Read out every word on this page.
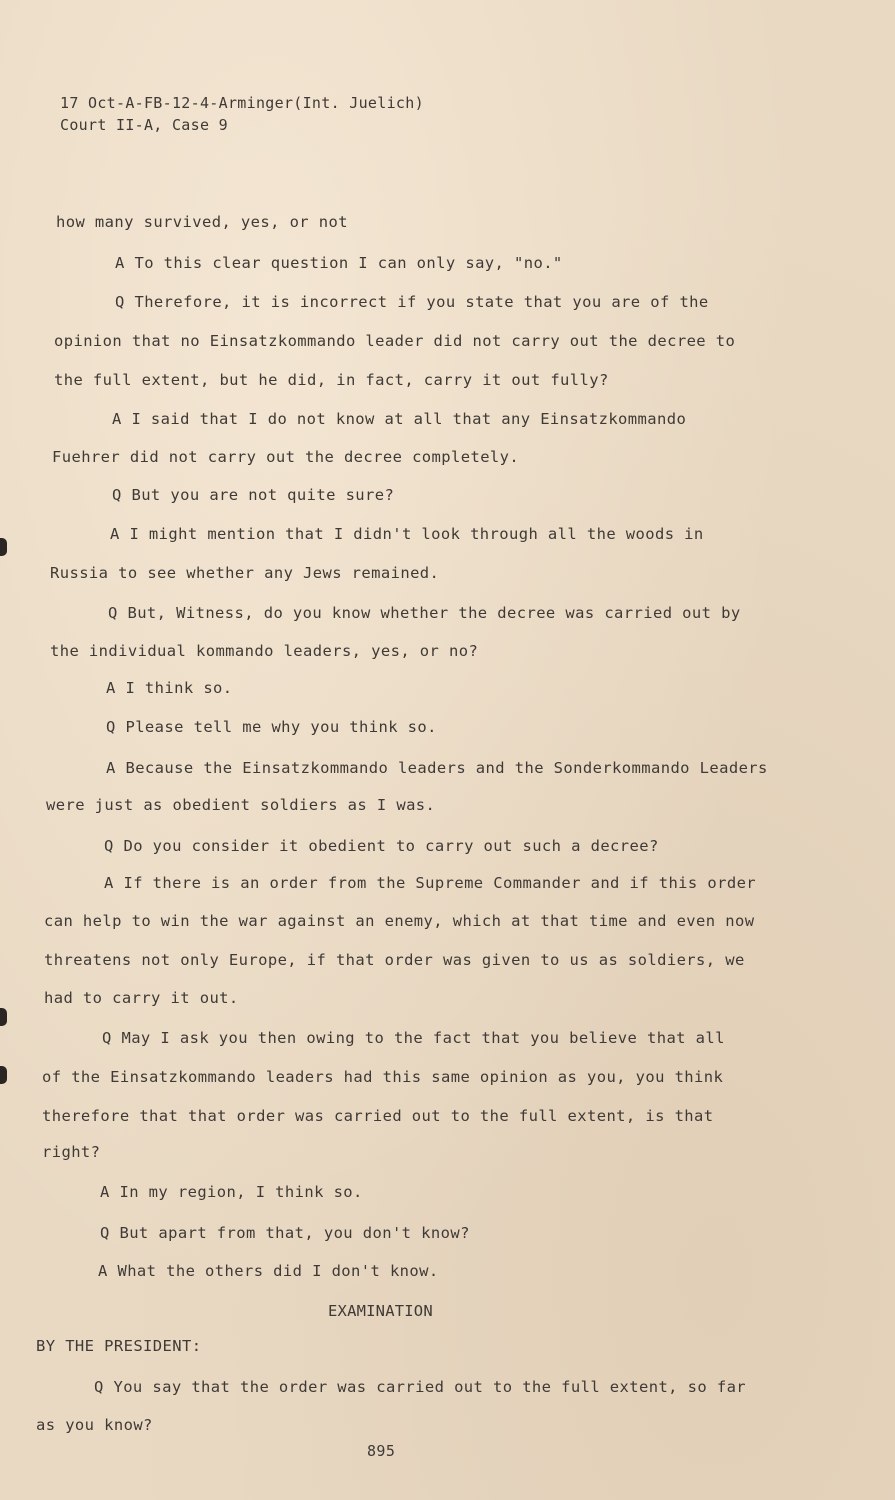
17 Oct-A-FB-12-4-Arminger(Int. Juelich)
Court II-A, Case 9
how many survived, yes, or not
A To this clear question I can only say, "no."
Q Therefore, it is incorrect if you state that you are of the
opinion that no Einsatzkommando leader did not carry out the decree to
the full extent, but he did, in fact, carry it out fully?
A I said that I do not know at all that any Einsatzkommando
Fuehrer did not carry out the decree completely.
Q But you are not quite sure?
A I might mention that I didn't look through all the woods in
Russia to see whether any Jews remained.
Q But, Witness, do you know whether the decree was carried out by
the individual kommando leaders, yes, or no?
A I think so.
Q Please tell me why you think so.
A Because the Einsatzkommando leaders and the Sonderkommando Leaders
were just as obedient soldiers as I was.
Q Do you consider it obedient to carry out such a decree?
A If there is an order from the Supreme Commander and if this order
can help to win the war against an enemy, which at that time and even now
threatens not only Europe, if that order was given to us as soldiers, we
had to carry it out.
Q May I ask you then owing to the fact that you believe that all
of the Einsatzkommando leaders had this same opinion as you, you think
therefore that that order was carried out to the full extent, is that
right?
A In my region, I think so.
Q But apart from that, you don't know?
A What the others did I don't know.
EXAMINATION
BY THE PRESIDENT:
Q You say that the order was carried out to the full extent, so far
as you know?
895
